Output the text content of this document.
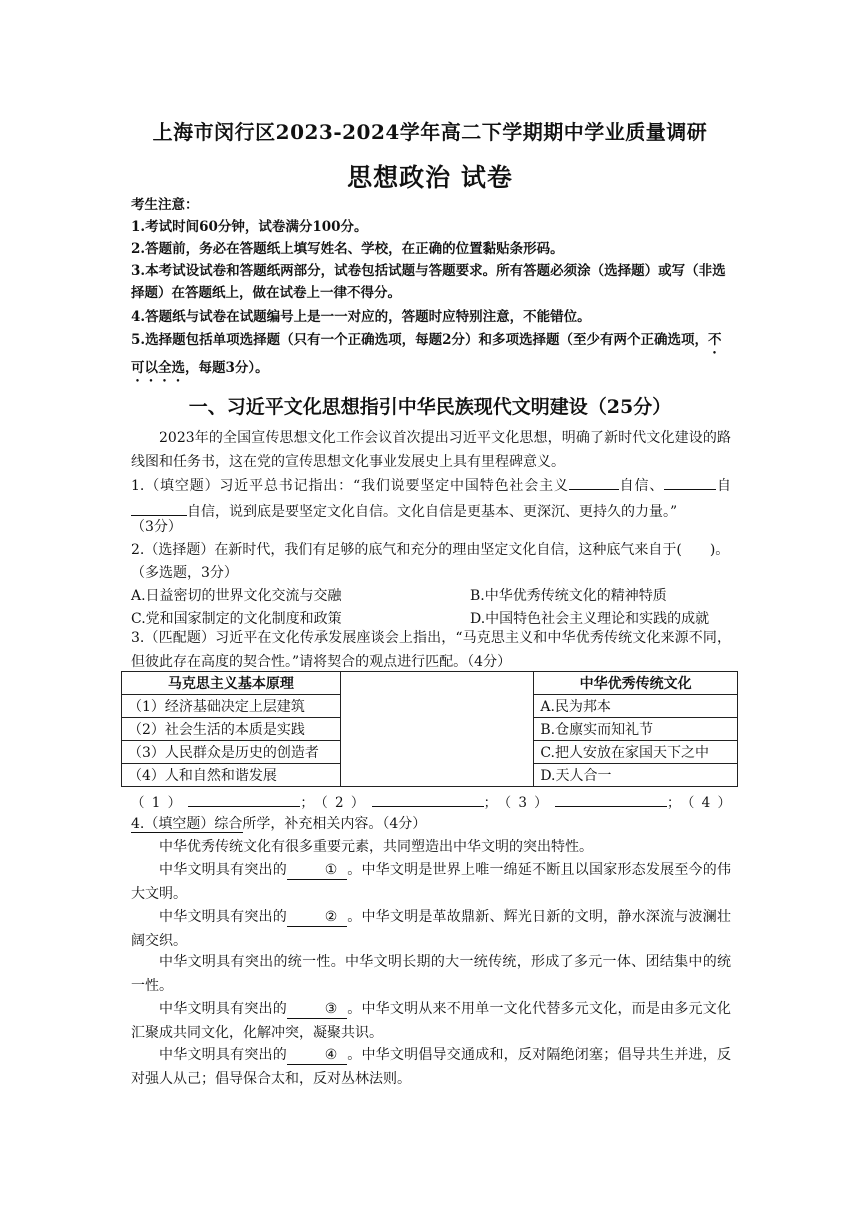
上海市闵行区2023-2024学年高二下学期期中学业质量调研
思想政治 试卷
考生注意：
1.考试时间60分钟，试卷满分100分。
2.答题前，务必在答题纸上填写姓名、学校，在正确的位置黏贴条形码。
3.本考试设试卷和答题纸两部分，试卷包括试题与答题要求。所有答题必须涂（选择题）或写（非选择题）在答题纸上，做在试卷上一律不得分。
4.答题纸与试卷在试题编号上是一一对应的，答题时应特别注意，不能错位。
5.选择题包括单项选择题（只有一个正确选项，每题2分）和多项选择题（至少有两个正确选项，不可以全选，每题3分）。
一、习近平文化思想指引中华民族现代文明建设（25分）
2023年的全国宣传思想文化工作会议首次提出习近平文化思想，明确了新时代文化建设的路线图和任务书，这在党的宣传思想文化事业发展史上具有里程碑意义。
1.（填空题）习近平总书记指出：“我们说要坚定中国特色社会主义	自信、	自自信，说到底是要坚定文化自信。文化自信是更基本、更深沉、更持久的力量。”
（3分）
2.（选择题）在新时代，我们有足够的底气和充分的理由坚定文化自信，这种底气来自于(　　)。
（多选题，3分）
A.日益密切的世界文化交流与交融	B.中华优秀传统文化的精神特质
C.党和国家制定的文化制度和政策	D.中国特色社会主义理论和实践的成就
3.（匹配题）习近平在文化传承发展座谈会上指出，“马克思主义和中华优秀传统文化来源不同，但彼此存在高度的契合性。”请将契合的观点进行匹配。（4分）
马克思主义基本原理		中华优秀传统文化
（1）经济基础决定上层建筑		A.民为邦本
（2）社会生活的本质是实践		B.仓廪实而知礼节
（3）人民群众是历史的创造者		C.把人安放在家国天下之中
（4）人和自然和谐发展		D.天人合一
（1）	；（2）	；（3）	；（4）
4.（填空题）综合所学，补充相关内容。（4分）
中华优秀传统文化有很多重要元素，共同塑造出中华文明的突出特性。
中华文明具有突出的	① 。中华文明是世界上唯一绵延不断且以国家形态发展至今的伟大文明。
中华文明具有突出的	② 。中华文明是革故鼎新、辉光日新的文明，静水深流与波澜壮阔交织。
中华文明具有突出的统一性。中华文明长期的大一统传统，形成了多元一体、团结集中的统一性。
中华文明具有突出的	③ 。中华文明从来不用单一文化代替多元文化，而是由多元文化汇聚成共同文化，化解冲突，凝聚共识。
中华文明具有突出的	④ 。中华文明倡导交通成和，反对隔绝闭塞；倡导共生并进，反对强人从己；倡导保合太和，反对丛林法则。
